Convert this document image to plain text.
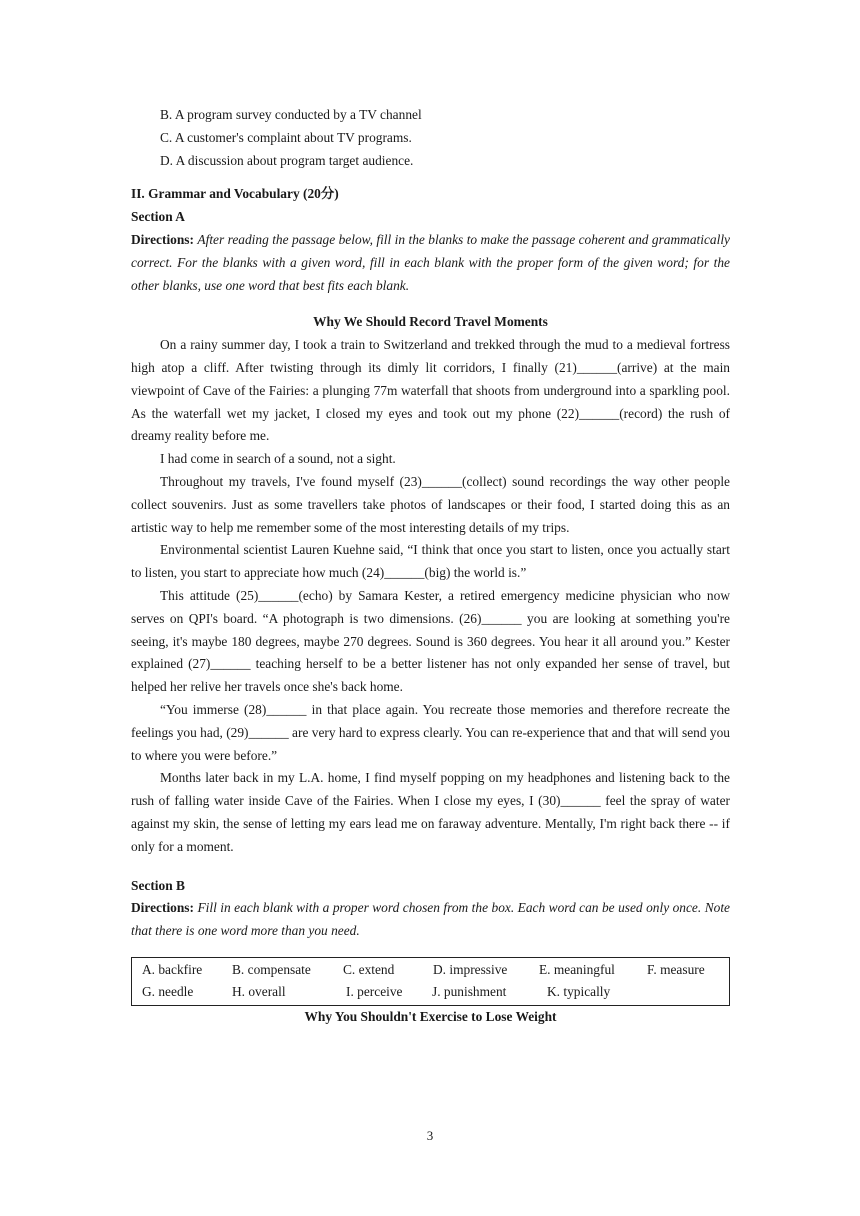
B. A program survey conducted by a TV channel
C. A customer's complaint about TV programs.
D. A discussion about program target audience.
II. Grammar and Vocabulary (20分)
Section A
Directions: After reading the passage below, fill in the blanks to make the passage coherent and grammatically correct. For the blanks with a given word, fill in each blank with the proper form of the given word; for the other blanks, use one word that best fits each blank.
Why We Should Record Travel Moments

On a rainy summer day, I took a train to Switzerland and trekked through the mud to a medieval fortress high atop a cliff. After twisting through its dimly lit corridors, I finally (21)______(arrive) at the main viewpoint of Cave of the Fairies: a plunging 77m waterfall that shoots from underground into a sparkling pool. As the waterfall wet my jacket, I closed my eyes and took out my phone (22)______(record) the rush of dreamy reality before me.

I had come in search of a sound, not a sight.

Throughout my travels, I've found myself (23)______(collect) sound recordings the way other people collect souvenirs. Just as some travellers take photos of landscapes or their food, I started doing this as an artistic way to help me remember some of the most interesting details of my trips.

Environmental scientist Lauren Kuehne said, “I think that once you start to listen, once you actually start to listen, you start to appreciate how much (24)______(big) the world is.”

This attitude (25)______(echo) by Samara Kester, a retired emergency medicine physician who now serves on QPI's board. “A photograph is two dimensions. (26)______ you are looking at something you're seeing, it's maybe 180 degrees, maybe 270 degrees. Sound is 360 degrees. You hear it all around you.” Kester explained (27)______ teaching herself to be a better listener has not only expanded her sense of travel, but helped her relive her travels once she's back home.

“You immerse (28)______ in that place again. You recreate those memories and therefore recreate the feelings you had, (29)______ are very hard to express clearly. You can re-experience that and that will send you to where you were before.”

Months later back in my L.A. home, I find myself popping on my headphones and listening back to the rush of falling water inside Cave of the Fairies. When I close my eyes, I (30)______ feel the spray of water against my skin, the sense of letting my ears lead me on faraway adventure. Mentally, I'm right back there -- if only for a moment.

Section B
Directions: Fill in each blank with a proper word chosen from the box. Each word can be used only once. Note that there is one word more than you need.
A. backfire	B. compensate	C. extend	D. impressive	E. meaningful	F. measure
G. needle	H. overall	I. perceive	J. punishment	K. typically
Why You Shouldn't Exercise to Lose Weight
3
